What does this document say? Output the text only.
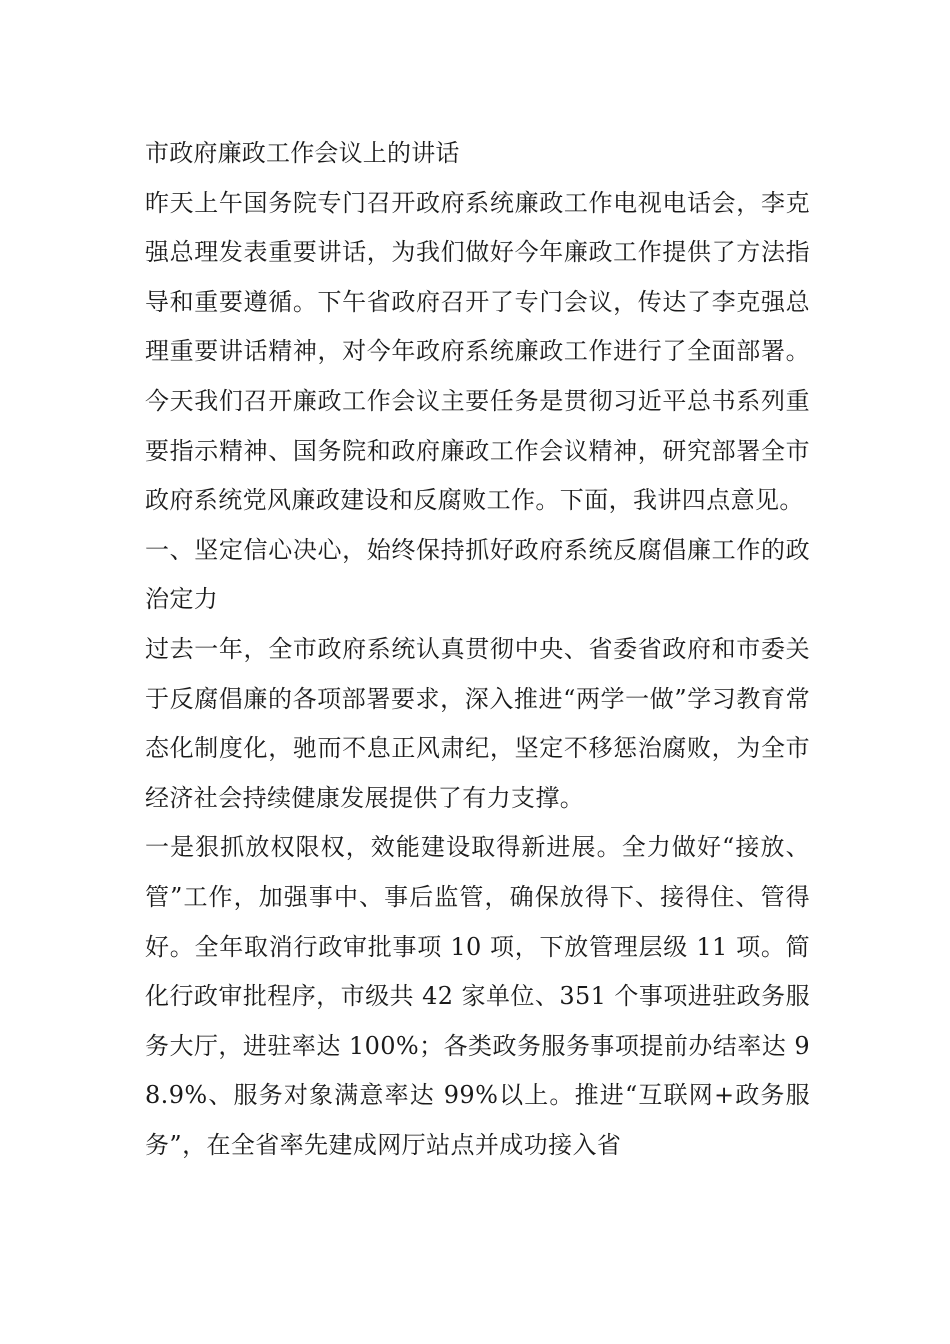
市政府廉政工作会议上的讲话

昨天上午国务院专门召开政府系统廉政工作电视电话会，李克强总理发表重要讲话，为我们做好今年廉政工作提供了方法指导和重要遵循。下午省政府召开了专门会议，传达了李克强总理重要讲话精神，对今年政府系统廉政工作进行了全面部署。今天我们召开廉政工作会议主要任务是贯彻习近平总书系列重要指示精神、国务院和政府廉政工作会议精神，研究部署全市政府系统党风廉政建设和反腐败工作。下面，我讲四点意见。

一、坚定信心决心，始终保持抓好政府系统反腐倡廉工作的政治定力

过去一年，全市政府系统认真贯彻中央、省委省政府和市委关于反腐倡廉的各项部署要求，深入推进“两学一做”学习教育常态化制度化，驰而不息正风肃纪，坚定不移惩治腐败，为全市经济社会持续健康发展提供了有力支撑。

一是狠抓放权限权，效能建设取得新进展。全力做好“接放、管”工作，加强事中、事后监管，确保放得下、接得住、管得好。全年取消行政审批事项 10 项，下放管理层级 11 项。简化行政审批程序，市级共 42 家单位、351 个事项进驻政务服务大厅，进驻率达 100%；各类政务服务事项提前办结率达 98.9%、服务对象满意率达 99%以上。推进“互联网+政务服务”，在全省率先建成网厅站点并成功接入省
